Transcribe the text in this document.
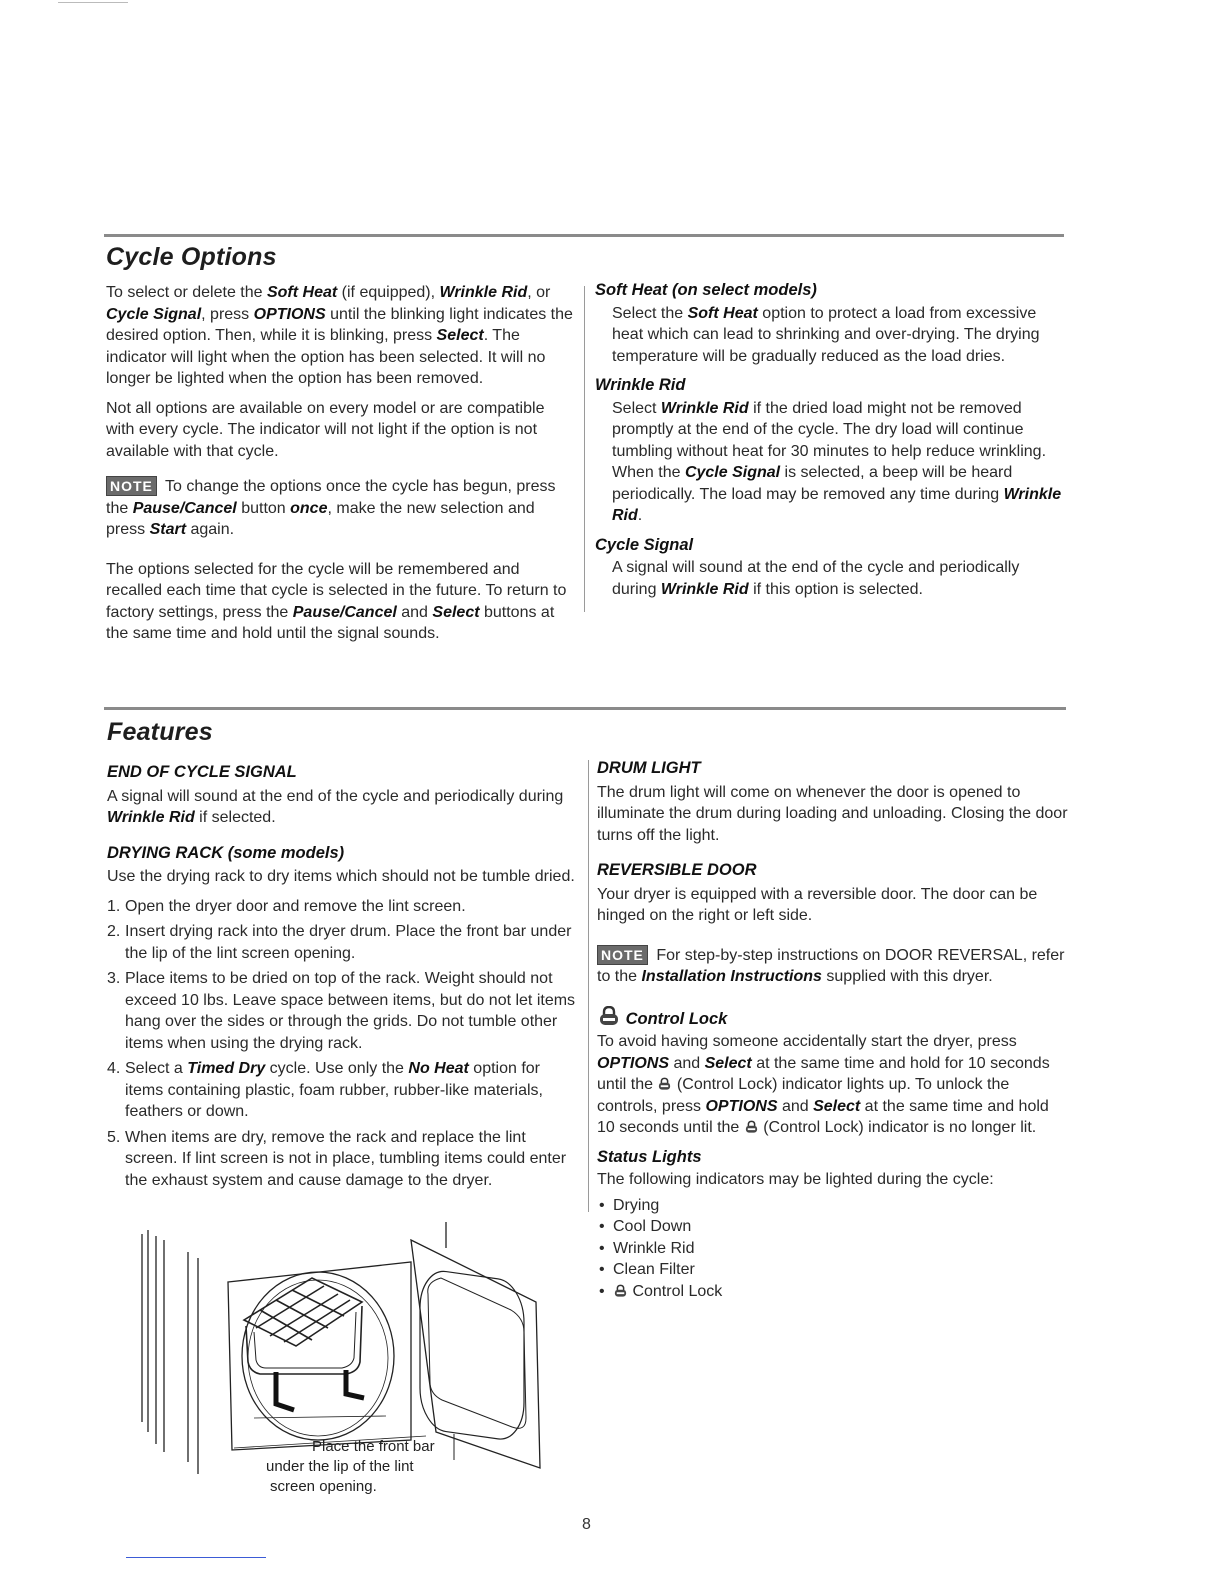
Cycle Options

To select or delete the Soft Heat (if equipped), Wrinkle Rid, or Cycle Signal, press OPTIONS until the blinking light indicates the desired option. Then, while it is blinking, press Select. The indicator will light when the option has been selected. It will no longer be lighted when the option has been removed.

Not all options are available on every model or are compatible with every cycle. The indicator will not light if the option is not available with that cycle.

NOTE To change the options once the cycle has begun, press the Pause/Cancel button once, make the new selection and press Start again.

The options selected for the cycle will be remembered and recalled each time that cycle is selected in the future. To return to factory settings, press the Pause/Cancel and Select buttons at the same time and hold until the signal sounds.

Soft Heat (on select models)

Select the Soft Heat option to protect a load from excessive heat which can lead to shrinking and over-drying. The drying temperature will be gradually reduced as the load dries.

Wrinkle Rid

Select Wrinkle Rid if the dried load might not be removed promptly at the end of the cycle. The dry load will continue tumbling without heat for 30 minutes to help reduce wrinkling. When the Cycle Signal is selected, a beep will be heard periodically. The load may be removed any time during Wrinkle Rid.

Cycle Signal

A signal will sound at the end of the cycle and periodically during Wrinkle Rid if this option is selected.

Features
END OF CYCLE SIGNAL

A signal will sound at the end of the cycle and periodically during Wrinkle Rid if selected.

DRYING RACK (some models)

Use the drying rack to dry items which should not be tumble dried.

1. Open the dryer door and remove the lint screen.
2. Insert drying rack into the dryer drum. Place the front bar under the lip of the lint screen opening.
3. Place items to be dried on top of the rack. Weight should not exceed 10 lbs. Leave space between items, but do not let items hang over the sides or through the grids. Do not tumble other items when using the drying rack.
4. Select a Timed Dry cycle. Use only the No Heat option for items containing plastic, foam rubber, rubber-like materials, feathers or down.
5. When items are dry, remove the rack and replace the lint screen. If lint screen is not in place, tumbling items could enter the exhaust system and cause damage to the dryer.
Place the front bar
under the lip of the lint
screen opening.
DRUM LIGHT

The drum light will come on whenever the door is opened to illuminate the drum during loading and unloading. Closing the door turns off the light.

REVERSIBLE DOOR

Your dryer is equipped with a reversible door. The door can be hinged on the right or left side.

NOTE For step-by-step instructions on DOOR REVERSAL, refer to the Installation Instructions supplied with this dryer.

Control Lock

To avoid having someone accidentally start the dryer, press OPTIONS and Select at the same time and hold for 10 seconds until the  (Control Lock) indicator lights up. To unlock the controls, press OPTIONS and Select at the same time and hold 10 seconds until the  (Control Lock) indicator is no longer lit.

Status Lights

The following indicators may be lighted during the cycle:

• Drying
• Cool Down
• Wrinkle Rid
• Clean Filter
• Control Lock
8
